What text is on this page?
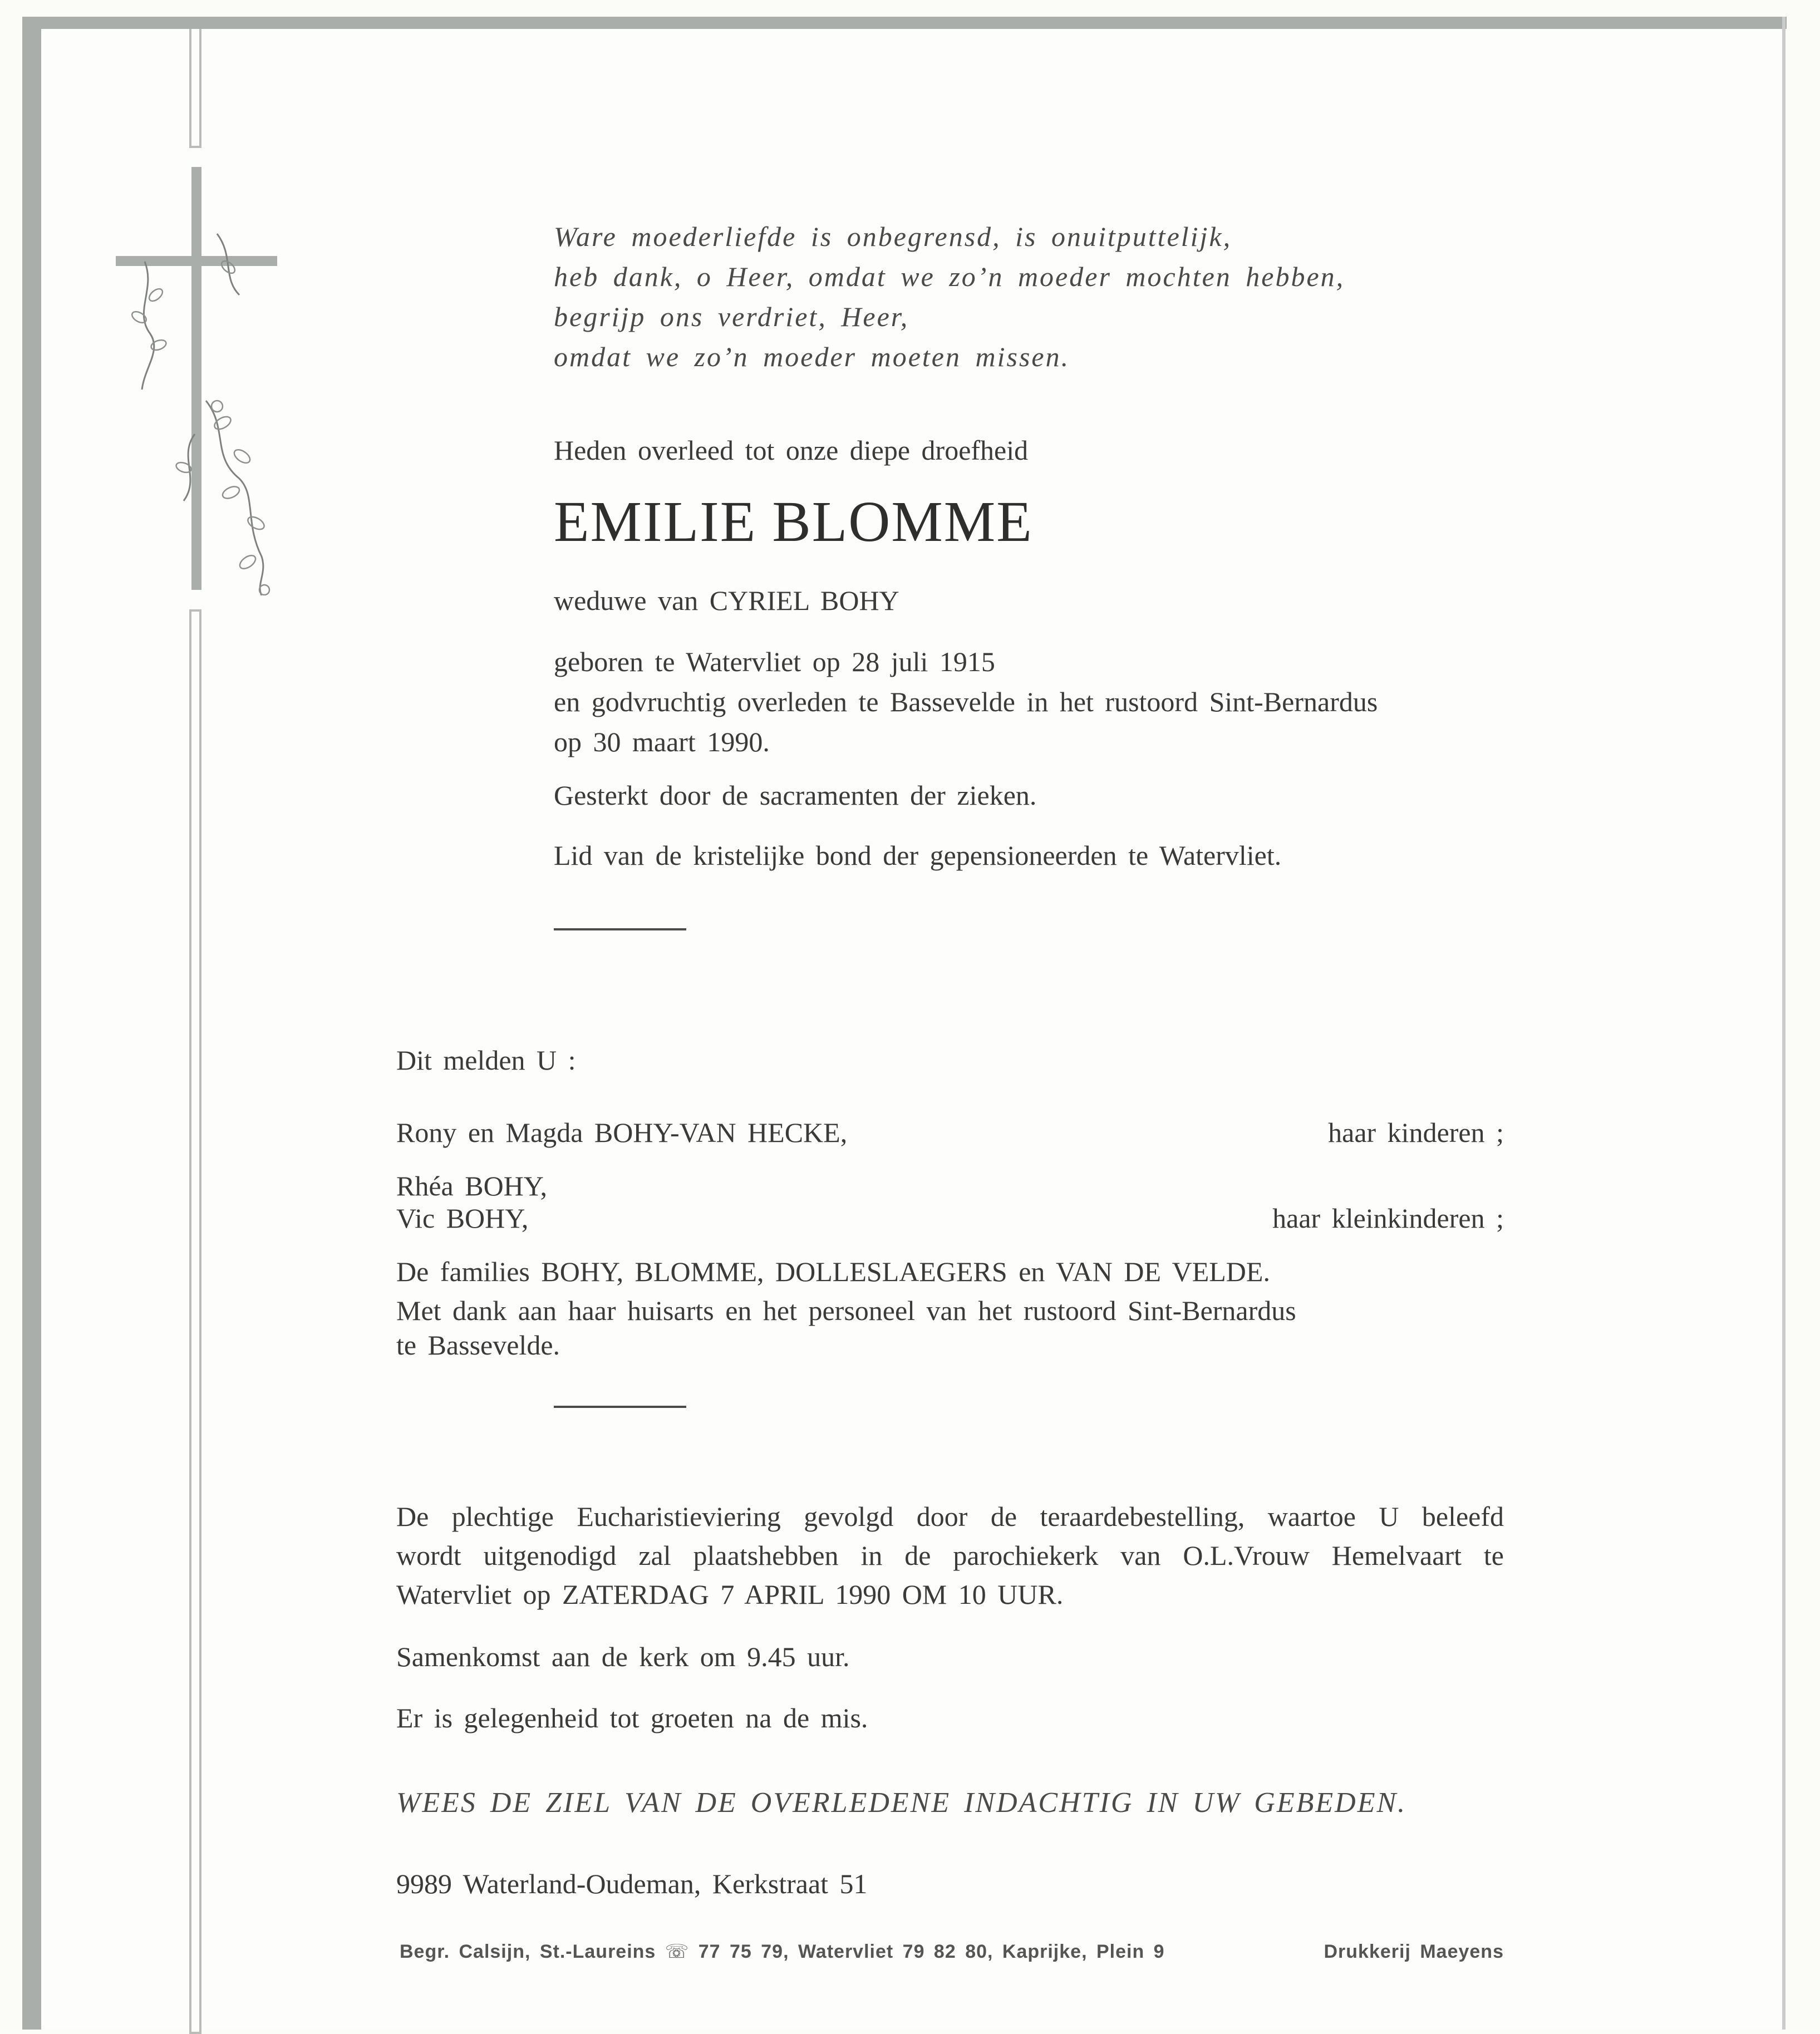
Ware moederliefde is onbegrensd, is onuitputtelijk,

heb dank, o Heer, omdat we zo’n moeder mochten hebben,

begrijp ons verdriet, Heer,

omdat we zo’n moeder moeten missen.

Heden overleed tot onze diepe droefheid

EMILIE BLOMME

weduwe van CYRIEL BOHY

geboren te Watervliet op 28 juli 1915

en godvruchtig overleden te Bassevelde in het rustoord Sint-Bernardus

op 30 maart 1990.

Gesterkt door de sacramenten der zieken.

Lid van de kristelijke bond der gepensioneerden te Watervliet.

Dit melden U :

Rony en Magda BOHY-VAN HECKE,	haar kinderen ;

Rhéa BOHY,

Vic BOHY,	haar kleinkinderen ;

De families BOHY, BLOMME, DOLLESLAEGERS en VAN DE VELDE.

Met dank aan haar huisarts en het personeel van het rustoord Sint-Bernardus

te Bassevelde.

De plechtige Eucharistieviering gevolgd door de teraardebestelling, waartoe U beleefd

wordt uitgenodigd zal plaatshebben in de parochiekerk van O.L.Vrouw Hemelvaart te

Watervliet op ZATERDAG 7 APRIL 1990 OM 10 UUR.

Samenkomst aan de kerk om 9.45 uur.

Er is gelegenheid tot groeten na de mis.

WEES DE ZIEL VAN DE OVERLEDENE INDACHTIG IN UW GEBEDEN.

9989 Waterland-Oudeman, Kerkstraat 51

Begr. Calsijn, St.-Laureins ☏ 77 75 79, Watervliet 79 82 80, Kaprijke, Plein 9	Drukkerij Maeyens
